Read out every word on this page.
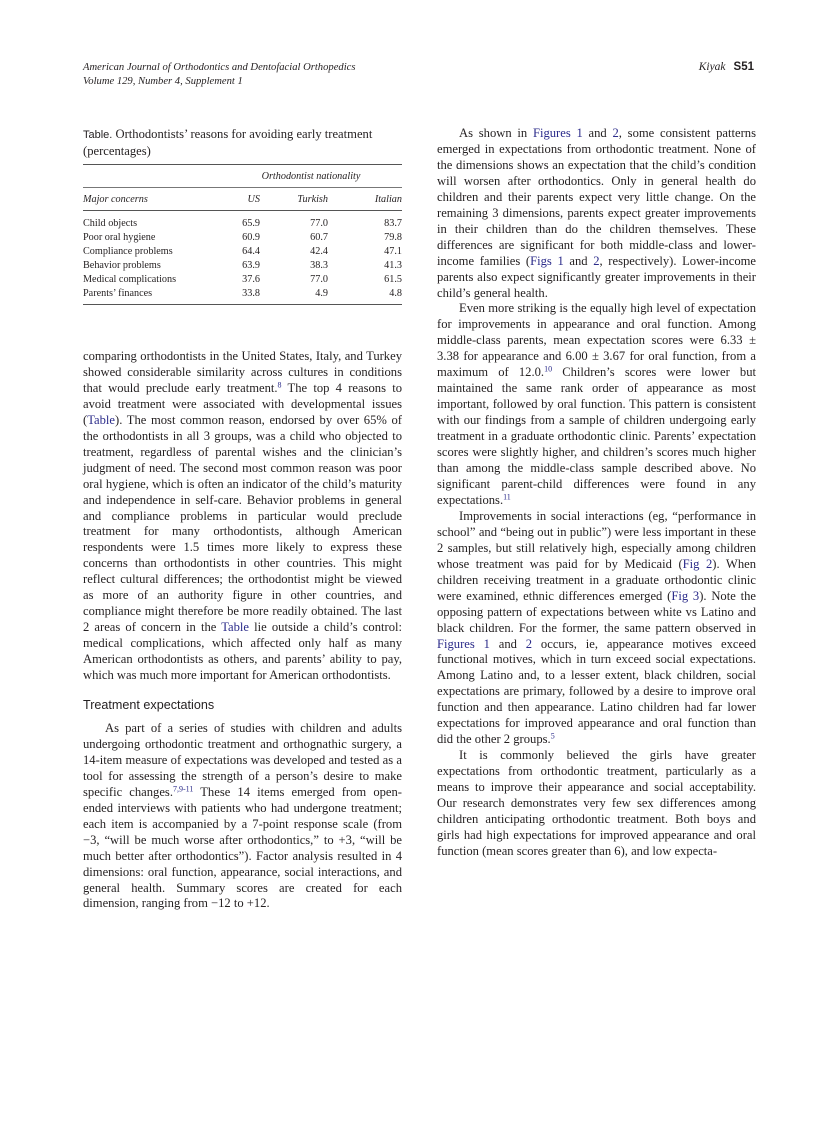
American Journal of Orthodontics and Dentofacial Orthopedics
Volume 129, Number 4, Supplement 1
Kiyak S51
Table. Orthodontists’ reasons for avoiding early treatment (percentages)
	Orthodontist nationality		
Major concerns	US	Turkish	Italian
Child objects	65.9	77.0	83.7
Poor oral hygiene	60.9	60.7	79.8
Compliance problems	64.4	42.4	47.1
Behavior problems	63.9	38.3	41.3
Medical complications	37.6	77.0	61.5
Parents’ finances	33.8	4.9	4.8

comparing orthodontists in the United States, Italy, and Turkey showed considerable similarity across cultures in conditions that would preclude early treatment.$^8$ The top 4 reasons to avoid treatment were associated with developmental issues (Table). The most common reason, endorsed by over 65% of the orthodontists in all 3 groups, was a child who objected to treatment, regardless of parental wishes and the clinician’s judgment of need. The second most common reason was poor oral hygiene, which is often an indicator of the child’s maturity and independence in self-care. Behavior problems in general and compliance problems in particular would preclude treatment for many orthodontists, although American respondents were 1.5 times more likely to express these concerns than orthodontists in other countries. This might reflect cultural differences; the orthodontist might be viewed as more of an authority figure in other countries, and compliance might therefore be more readily obtained. The last 2 areas of concern in the Table lie outside a child’s control: medical complications, which affected only half as many American orthodontists as others, and parents’ ability to pay, which was much more important for American orthodontists.

Treatment expectations

As part of a series of studies with children and adults undergoing orthodontic treatment and orthognathic surgery, a 14-item measure of expectations was developed and tested as a tool for assessing the strength of a person’s desire to make specific changes.$^{7,9-11}$ These 14 items emerged from open-ended interviews with patients who had undergone treatment; each item is accompanied by a 7-point response scale (from −3, “will be much worse after orthodontics,” to +3, “will be much better after orthodontics”). Factor analysis resulted in 4 dimensions: oral function, appearance, social interactions, and general health. Summary scores are created for each dimension, ranging from −12 to +12.

As shown in Figures 1 and 2, some consistent patterns emerged in expectations from orthodontic treatment. None of the dimensions shows an expectation that the child’s condition will worsen after orthodontics. Only in general health do children and their parents expect very little change. On the remaining 3 dimensions, parents expect greater improvements in their children than do the children themselves. These differences are significant for both middle-class and lower-income families (Figs 1 and 2, respectively). Lower-income parents also expect significantly greater improvements in their child’s general health.

Even more striking is the equally high level of expectation for improvements in appearance and oral function. Among middle-class parents, mean expectation scores were 6.33 ± 3.38 for appearance and 6.00 ± 3.67 for oral function, from a maximum of 12.0.10 Children’s scores were lower but maintained the same rank order of appearance as most important, followed by oral function. This pattern is consistent with our findings from a sample of children undergoing early treatment in a graduate orthodontic clinic. Parents’ expectation scores were slightly higher, and children’s scores much higher than among the middle-class sample described above. No significant parent-child differences were found in any expectations.$^{11}$

Improvements in social interactions (eg, “performance in school” and “being out in public”) were less important in these 2 samples, but still relatively high, especially among children whose treatment was paid for by Medicaid (Fig 2). When children receiving treatment in a graduate orthodontic clinic were examined, ethnic differences emerged (Fig 3). Note the opposing pattern of expectations between white vs Latino and black children. For the former, the same pattern observed in Figures 1 and 2 occurs, ie, appearance motives exceed functional motives, which in turn exceed social expectations. Among Latino and, to a lesser extent, black children, social expectations are primary, followed by a desire to improve oral function and then appearance. Latino children had far lower expectations for improved appearance and oral function than did the other 2 groups.$^5$

It is commonly believed the girls have greater expectations from orthodontic treatment, particularly as a means to improve their appearance and social acceptability. Our research demonstrates very few sex differences among children anticipating orthodontic treatment. Both boys and girls had high expectations for improved appearance and oral function (mean scores greater than 6), and low expecta-
